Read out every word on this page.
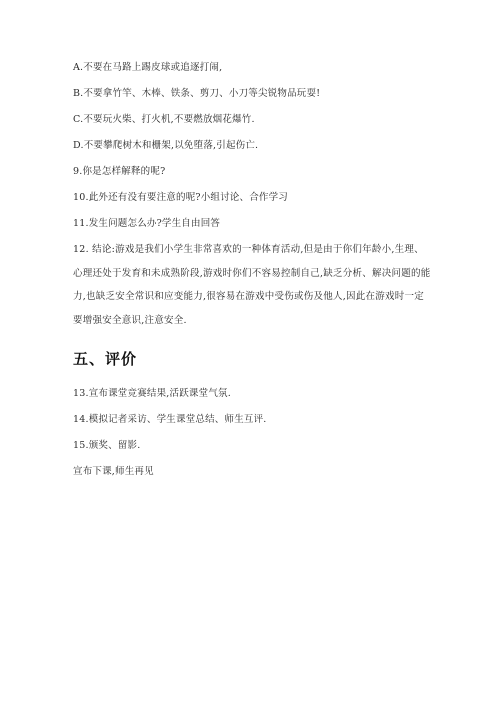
A.不要在马路上踢皮球或追逐打闹,
B.不要拿竹竿、木棒、铁条、剪刀、小刀等尖锐物品玩耍!
C.不要玩火柴、打火机,不要燃放烟花爆竹.
D.不要攀爬树木和栅架,以免堕落,引起伤亡.
9.你是怎样解释的呢?
10.此外还有没有要注意的呢?小组讨论、合作学习
11.发生问题怎么办?学生自由回答
12. 结论:游戏是我们小学生非常喜欢的一种体育活动,但是由于你们年龄小,生理、心理还处于发育和未成熟阶段,游戏时你们不容易控制自己,缺乏分析、解决问题的能力,也缺乏安全常识和应变能力,很容易在游戏中受伤或伤及他人,因此在游戏时一定要增强安全意识,注意安全.
五、评价
13.宣布课堂竞赛结果,活跃课堂气氛.
14.模拟记者采访、学生课堂总结、师生互评.
15.颁奖、留影.
宣布下课,师生再见
